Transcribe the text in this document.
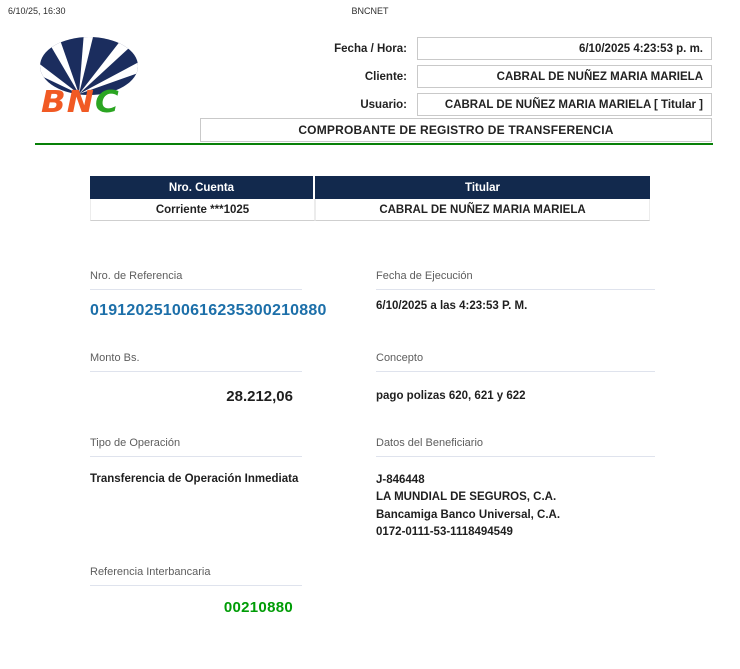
6/10/25, 16:30	BNCNET
BNC
Fecha / Hora:	6/10/2025 4:23:53 p. m.
Cliente:	CABRAL DE NUÑEZ MARIA MARIELA
Usuario:	CABRAL DE NUÑEZ MARIA MARIELA [ Titular ]
COMPROBANTE DE REGISTRO DE TRANSFERENCIA
Nro. Cuenta	Titular
Corriente ***1025	CABRAL DE NUÑEZ MARIA MARIELA
Nro. de Referencia	Fecha de Ejecución
01912025100616235300210880	6/10/2025 a las 4:23:53 P. M.
Monto Bs.	Concepto
28.212,06	pago polizas 620, 621 y 622
Tipo de Operación	Datos del Beneficiario
Transferencia de Operación Inmediata	J-846448
LA MUNDIAL DE SEGUROS, C.A.
Bancamiga Banco Universal, C.A.
0172-0111-53-1118494549
Referencia Interbancaria
00210880
